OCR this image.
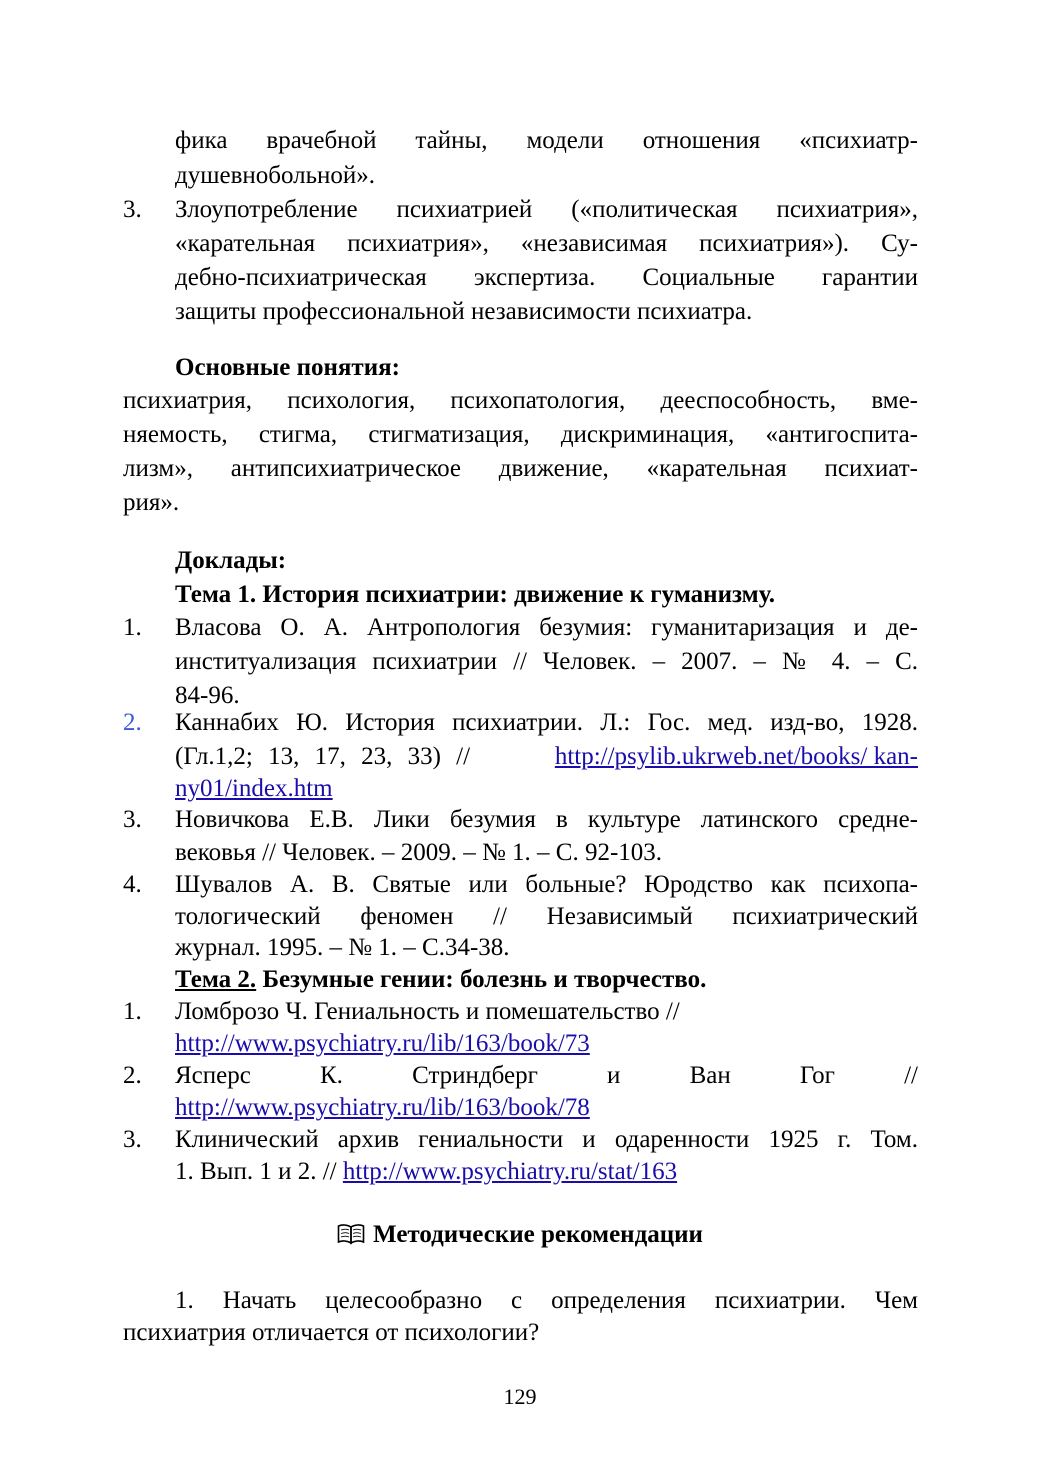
фика врачебной тайны, модели отношения «психиатр-
душевнобольной».
3.	Злоупотребление психиатрией («политическая психиатрия»,
«карательная психиатрия», «независимая психиатрия»). Су-
дебно-психиатрическая экспертиза. Социальные гарантии
защиты профессиональной независимости психиатра.
Основные понятия:
психиатрия, психология, психопатология, дееспособность, вме-
няемость, стигма, стигматизация, дискриминация, «антигоспита-
лизм», антипсихиатрическое движение, «карательная психиат-
рия».
Доклады:
Тема 1. История психиатрии: движение к гуманизму.
1.	Власова О. А. Антропология безумия: гуманитаризация и де-
институализация психиатрии // Человек. – 2007. – № 4. – С.
84-96.
2.	Каннабих Ю. История психиатрии. Л.: Гос. мед. изд-во, 1928.
(Гл.1,2; 13, 17, 23, 33) //	http://psylib.ukrweb.net/books/ kan-
ny01/index.htm
3.	Новичкова Е.В. Лики безумия в культуре латинского средне-
вековья // Человек. – 2009. – № 1. – С. 92-103.
4.	Шувалов А. В. Святые или больные? Юродство как психопа-
тологический феномен // Независимый психиатрический
журнал. 1995. – № 1. – С.34-38.
Тема 2. Безумные гении: болезнь и творчество.
1.	Ломброзо Ч. Гениальность и помешательство //
http://www.psychiatry.ru/lib/163/book/73
2.	Ясперс К. Стриндберг и Ван Гог //
http://www.psychiatry.ru/lib/163/book/78
3.	Клинический архив гениальности и одаренности 1925 г. Том.
1. Вып. 1 и 2. // http://www.psychiatry.ru/stat/163
Методические рекомендации
1. Начать целесообразно с определения психиатрии. Чем
психиатрия отличается от психологии?
129
